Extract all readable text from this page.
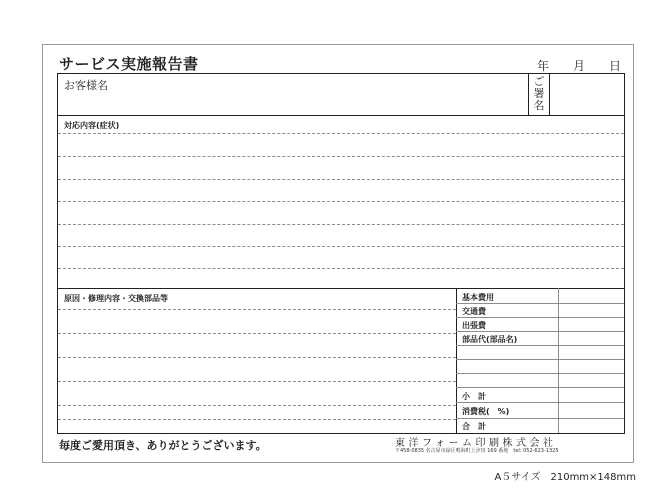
サービス実施報告書	年 月 日
お客様名	ご署名
対応内容(症状)
原因・修理内容・交換部品等	基本費用
交通費
出張費
部品代(部品名)
小　計
消費税(　%)
合　計
毎度ご愛用頂き、ありがとうございます。	東洋フォーム印刷株式会社
〒458-0835 名古屋市緑区鳴海町上汐田 169 番地　tel: 052-623-1325
A５サイズ　210mm×148mm
